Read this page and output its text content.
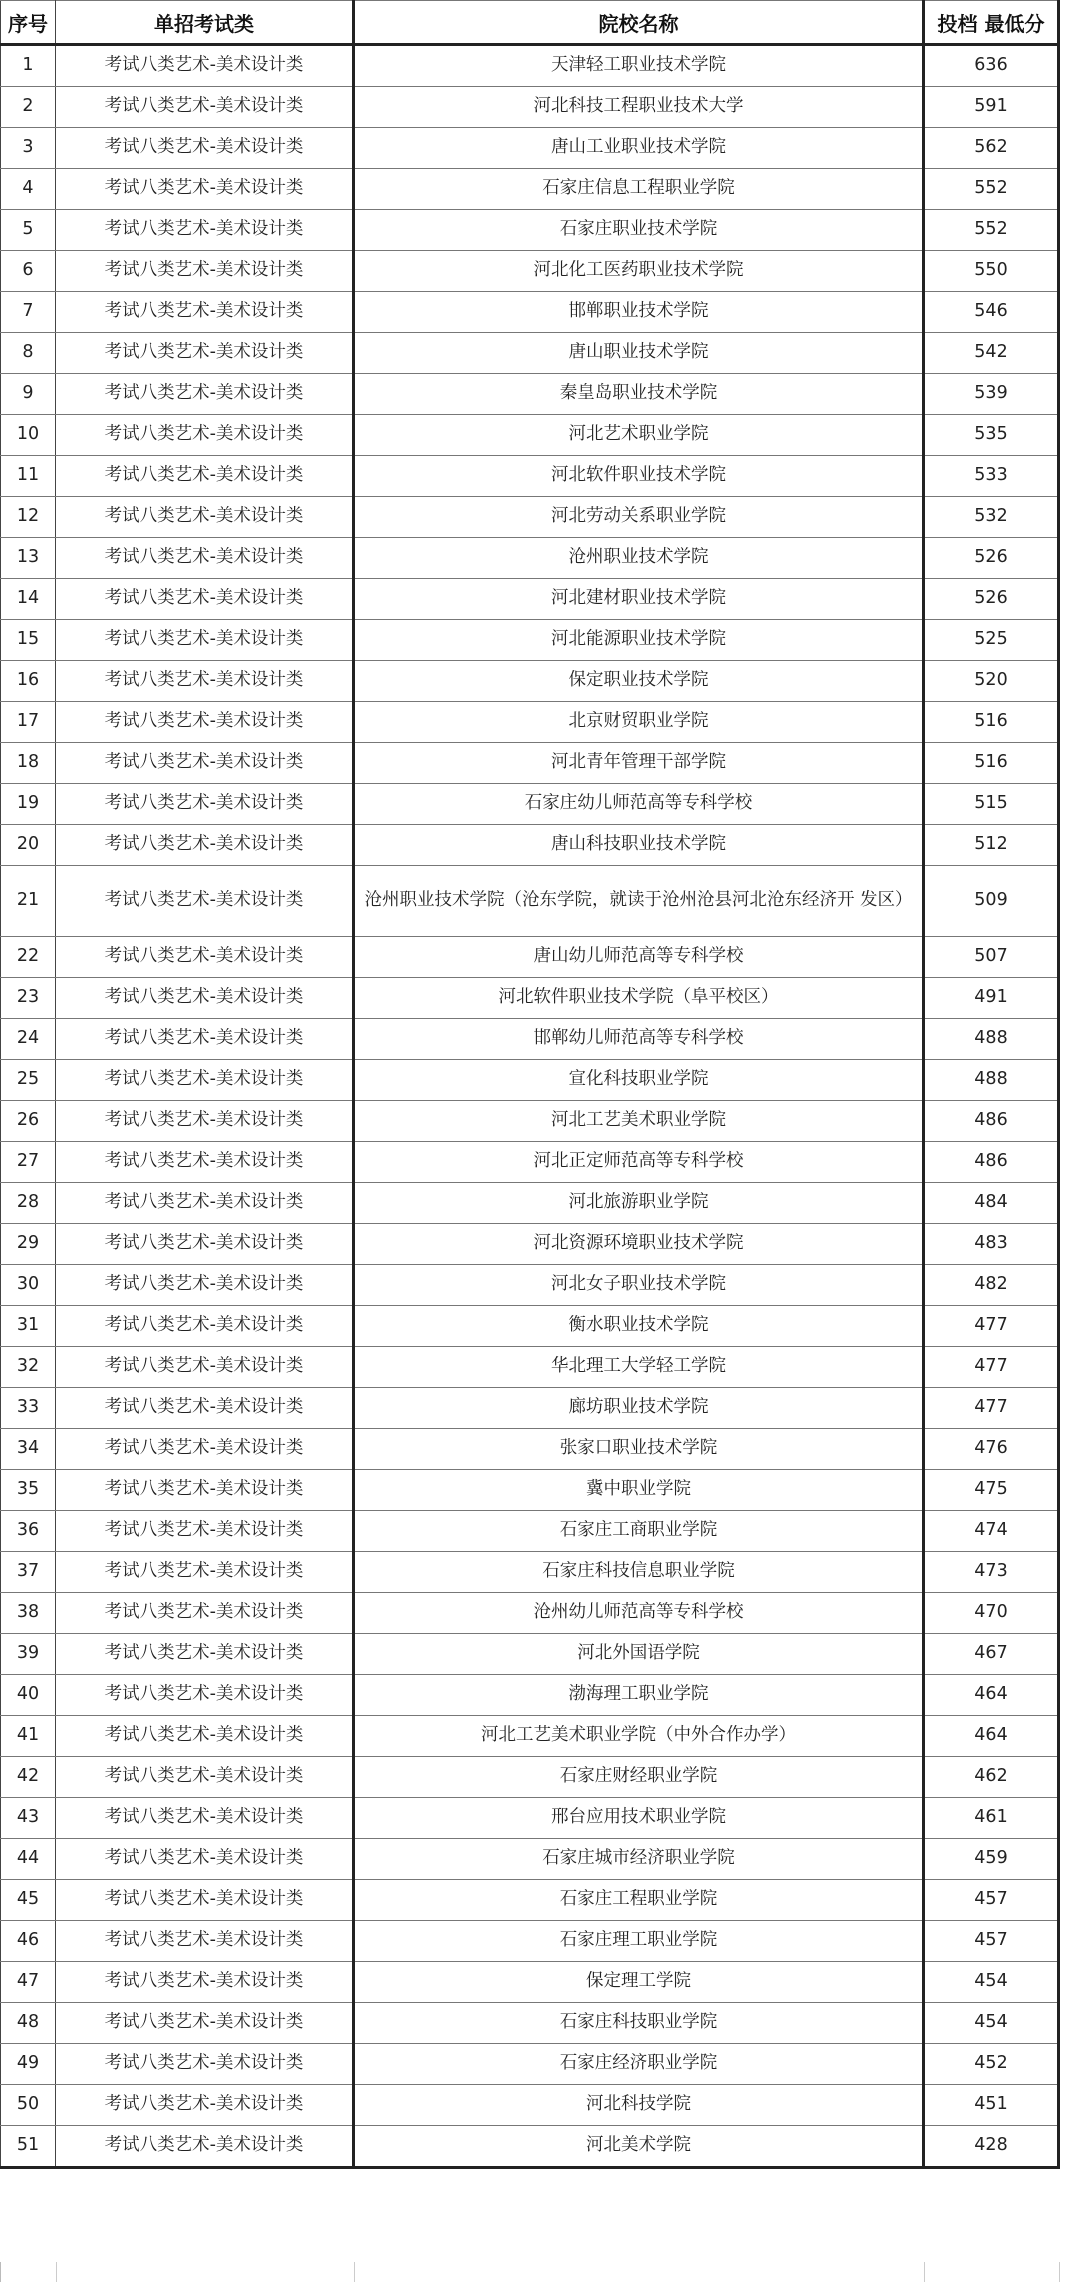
序号	单招考试类	院校名称	投档 最低分
1	考试八类艺术-美术设计类	天津轻工职业技术学院	636
2	考试八类艺术-美术设计类	河北科技工程职业技术大学	591
3	考试八类艺术-美术设计类	唐山工业职业技术学院	562
4	考试八类艺术-美术设计类	石家庄信息工程职业学院	552
5	考试八类艺术-美术设计类	石家庄职业技术学院	552
6	考试八类艺术-美术设计类	河北化工医药职业技术学院	550
7	考试八类艺术-美术设计类	邯郸职业技术学院	546
8	考试八类艺术-美术设计类	唐山职业技术学院	542
9	考试八类艺术-美术设计类	秦皇岛职业技术学院	539
10	考试八类艺术-美术设计类	河北艺术职业学院	535
11	考试八类艺术-美术设计类	河北软件职业技术学院	533
12	考试八类艺术-美术设计类	河北劳动关系职业学院	532
13	考试八类艺术-美术设计类	沧州职业技术学院	526
14	考试八类艺术-美术设计类	河北建材职业技术学院	526
15	考试八类艺术-美术设计类	河北能源职业技术学院	525
16	考试八类艺术-美术设计类	保定职业技术学院	520
17	考试八类艺术-美术设计类	北京财贸职业学院	516
18	考试八类艺术-美术设计类	河北青年管理干部学院	516
19	考试八类艺术-美术设计类	石家庄幼儿师范高等专科学校	515
20	考试八类艺术-美术设计类	唐山科技职业技术学院	512
21	考试八类艺术-美术设计类	沧州职业技术学院（沧东学院，就读于沧州沧县河北沧东经济开 发区）	509
22	考试八类艺术-美术设计类	唐山幼儿师范高等专科学校	507
23	考试八类艺术-美术设计类	河北软件职业技术学院（阜平校区）	491
24	考试八类艺术-美术设计类	邯郸幼儿师范高等专科学校	488
25	考试八类艺术-美术设计类	宣化科技职业学院	488
26	考试八类艺术-美术设计类	河北工艺美术职业学院	486
27	考试八类艺术-美术设计类	河北正定师范高等专科学校	486
28	考试八类艺术-美术设计类	河北旅游职业学院	484
29	考试八类艺术-美术设计类	河北资源环境职业技术学院	483
30	考试八类艺术-美术设计类	河北女子职业技术学院	482
31	考试八类艺术-美术设计类	衡水职业技术学院	477
32	考试八类艺术-美术设计类	华北理工大学轻工学院	477
33	考试八类艺术-美术设计类	廊坊职业技术学院	477
34	考试八类艺术-美术设计类	张家口职业技术学院	476
35	考试八类艺术-美术设计类	冀中职业学院	475
36	考试八类艺术-美术设计类	石家庄工商职业学院	474
37	考试八类艺术-美术设计类	石家庄科技信息职业学院	473
38	考试八类艺术-美术设计类	沧州幼儿师范高等专科学校	470
39	考试八类艺术-美术设计类	河北外国语学院	467
40	考试八类艺术-美术设计类	渤海理工职业学院	464
41	考试八类艺术-美术设计类	河北工艺美术职业学院（中外合作办学）	464
42	考试八类艺术-美术设计类	石家庄财经职业学院	462
43	考试八类艺术-美术设计类	邢台应用技术职业学院	461
44	考试八类艺术-美术设计类	石家庄城市经济职业学院	459
45	考试八类艺术-美术设计类	石家庄工程职业学院	457
46	考试八类艺术-美术设计类	石家庄理工职业学院	457
47	考试八类艺术-美术设计类	保定理工学院	454
48	考试八类艺术-美术设计类	石家庄科技职业学院	454
49	考试八类艺术-美术设计类	石家庄经济职业学院	452
50	考试八类艺术-美术设计类	河北科技学院	451
51	考试八类艺术-美术设计类	河北美术学院	428
